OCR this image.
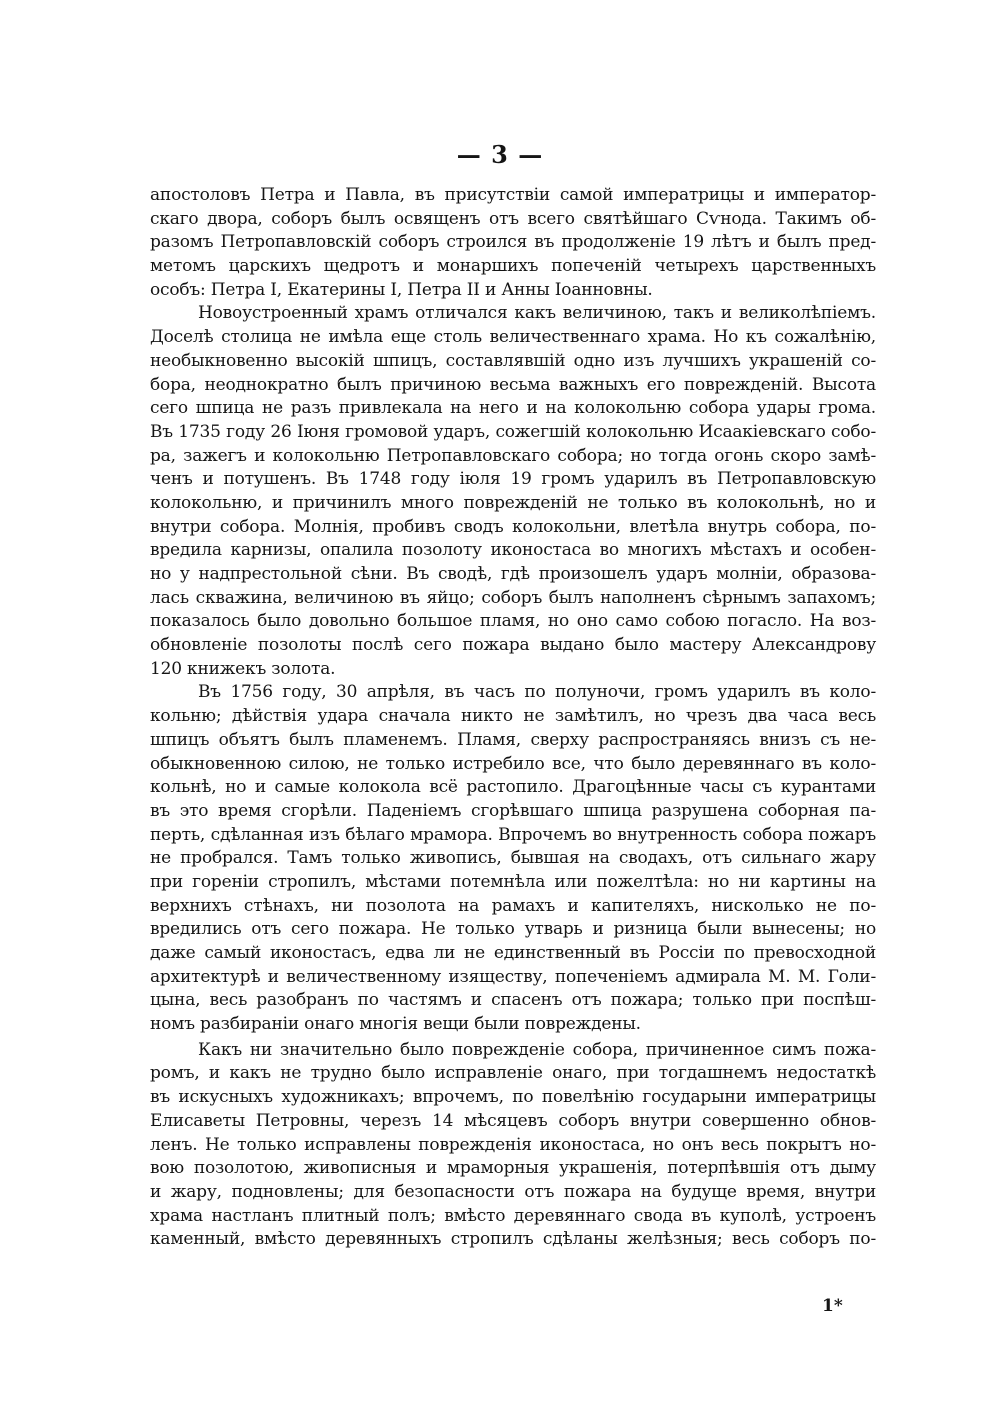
— 3 —
апостоловъ Петра и Павла, въ присутствіи самой императрицы и император-
скаго двора, соборъ былъ освященъ отъ всего святѣйшаго Сѵнода. Такимъ об-
разомъ Петропавловскій соборъ строился въ продолженіе 19 лѣтъ и былъ пред-
метомъ царскихъ щедротъ и монаршихъ попеченій четырехъ царственныхъ
особъ: Петра I, Екатерины I, Петра II и Анны Іоанновны.
Новоустроенный храмъ отличался какъ величиною, такъ и великолѣпіемъ.
Доселѣ столица не имѣла еще столь величественнаго храма. Но къ сожалѣнію,
необыкновенно высокій шпицъ, составлявшій одно изъ лучшихъ украшеній со-
бора, неоднократно былъ причиною весьма важныхъ его поврежденій. Высота
сего шпица не разъ привлекала на него и на колокольню собора удары грома.
Въ 1735 году 26 Іюня громовой ударъ, сожегшій колокольню Исаакіевскаго собо-
ра, зажегъ и колокольню Петропавловскаго собора; но тогда огонь скоро замѣ-
ченъ и потушенъ. Въ 1748 году іюля 19 громъ ударилъ въ Петропавловскую
колокольню, и причинилъ много поврежденій не только въ колокольнѣ, но и
внутри собора. Молнія, пробивъ сводъ колокольни, влетѣла внутрь собора, по-
вредила карнизы, опалила позолоту иконостаса во многихъ мѣстахъ и особен-
но у надпрестольной сѣни. Въ сводѣ, гдѣ произошелъ ударъ молніи, образова-
лась скважина, величиною въ яйцо; соборъ былъ наполненъ сѣрнымъ запахомъ;
показалось было довольно большое пламя, но оно само собою погасло. На воз-
обновленіе позолоты послѣ сего пожара выдано было мастеру Александрову
120 книжекъ золота.
Въ 1756 году, 30 апрѣля, въ часъ по полуночи, громъ ударилъ въ коло-
кольню; дѣйствія удара сначала никто не замѣтилъ, но чрезъ два часа весь
шпицъ объятъ былъ пламенемъ. Пламя, сверху распространяясь внизъ съ не-
обыкновенною силою, не только истребило все, что было деревяннаго въ коло-
кольнѣ, но и самые колокола всё растопило. Драгоцѣнные часы съ курантами
въ это время сгорѣли. Паденіемъ сгорѣвшаго шпица разрушена соборная па-
перть, сдѣланная изъ бѣлаго мрамора. Впрочемъ во внутренность собора пожаръ
не пробрался. Тамъ только живопись, бывшая на сводахъ, отъ сильнаго жару
при гореніи стропилъ, мѣстами потемнѣла или пожелтѣла: но ни картины на
верхнихъ стѣнахъ, ни позолота на рамахъ и капителяхъ, нисколько не по-
вредились отъ сего пожара. Не только утварь и ризница были вынесены; но
даже самый иконостасъ, едва ли не единственный въ Россіи по превосходной
архитектурѣ и величественному изяществу, попеченіемъ адмирала М. М. Голи-
цына, весь разобранъ по частямъ и спасенъ отъ пожара; только при поспѣш-
номъ разбираніи онаго многія вещи были повреждены.
Какъ ни значительно было поврежденіе собора, причиненное симъ пожа-
ромъ, и какъ не трудно было исправленіе онаго, при тогдашнемъ недостаткѣ
въ искусныхъ художникахъ; впрочемъ, по повелѣнію государыни императрицы
Елисаветы Петровны, черезъ 14 мѣсяцевъ соборъ внутри совершенно обнов-
ленъ. Не только исправлены поврежденія иконостаса, но онъ весь покрытъ но-
вою позолотою, живописныя и мраморныя украшенія, потерпѣвшія отъ дыму
и жару, подновлены; для безопасности отъ пожара на будуще время, внутри
храма настланъ плитный полъ; вмѣсто деревяннаго свода въ куполѣ, устроенъ
каменный, вмѣсто деревянныхъ стропилъ сдѣланы желѣзныя; весь соборъ по-
1*
